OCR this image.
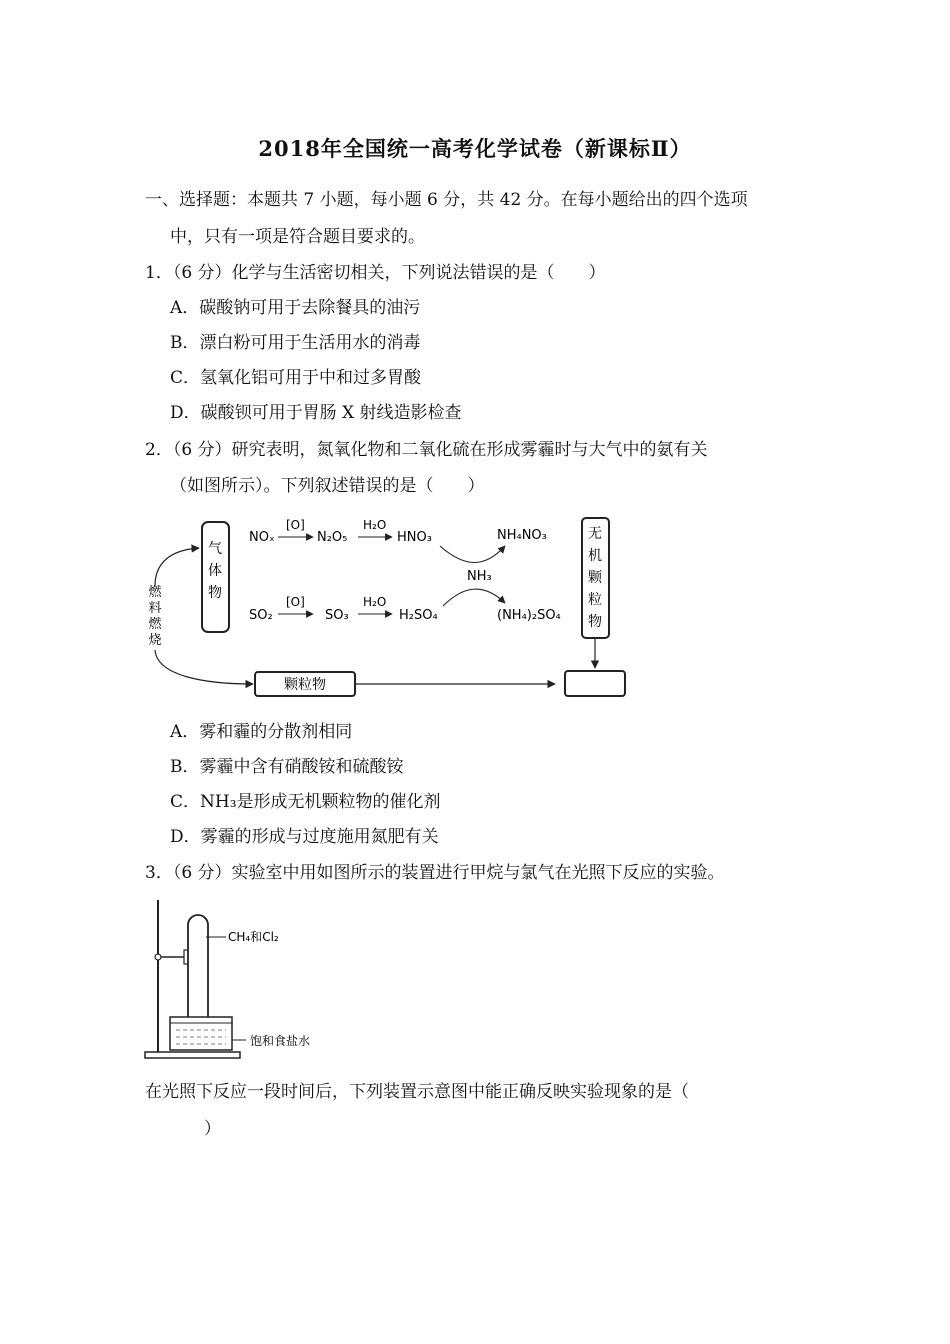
2018年全国统一高考化学试卷（新课标Ⅱ）
一、选择题：本题共 7 小题，每小题 6 分，共 42 分。在每小题给出的四个选项
中，只有一项是符合题目要求的。
1．（6 分）化学与生活密切相关，下列说法错误的是（　　）
A．碳酸钠可用于去除餐具的油污
B．漂白粉可用于生活用水的消毒
C．氢氧化铝可用于中和过多胃酸
D．碳酸钡可用于胃肠 X 射线造影检查
2．（6 分）研究表明，氮氧化物和二氧化硫在形成雾霾时与大气中的氨有关
（如图所示）。下列叙述错误的是（　　）
气
体
物
无
机
颗
粒
物
燃
料
燃
烧
颗粒物
NOₓ
[O]
N₂O₅
H₂O
HNO₃	NH₄NO₃
NH₃
SO₂
[O]
SO₃
H₂O
H₂SO₄	(NH₄)₂SO₄
A．雾和霾的分散剂相同
B．雾霾中含有硝酸铵和硫酸铵
C．NH₃是形成无机颗粒物的催化剂
D．雾霾的形成与过度施用氮肥有关
3．（6 分）实验室中用如图所示的装置进行甲烷与氯气在光照下反应的实验。
CH₄和Cl₂
饱和食盐水
在光照下反应一段时间后，下列装置示意图中能正确反映实验现象的是（
　　）
